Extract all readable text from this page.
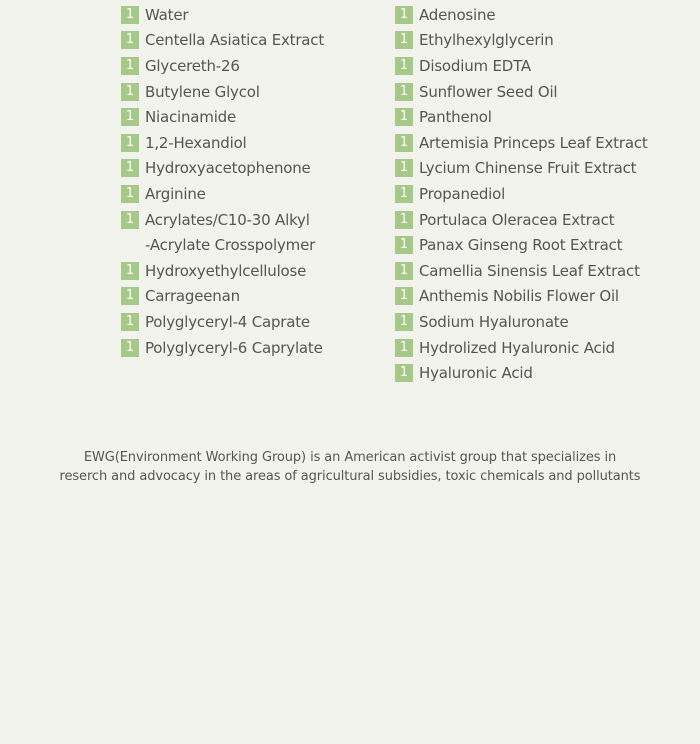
1 Water
1 Centella Asiatica Extract
1 Glycereth-26
1 Butylene Glycol
1 Niacinamide
1 1,2-Hexandiol
1 Hydroxyacetophenone
1 Arginine
1 Acrylates/C10-30 Alkyl
-Acrylate Crosspolymer
1 Hydroxyethylcellulose
1 Carrageenan
1 Polyglyceryl-4 Caprate
1 Polyglyceryl-6 Caprylate
1 Adenosine
1 Ethylhexylglycerin
1 Disodium EDTA
1 Sunflower Seed Oil
1 Panthenol
1 Artemisia Princeps Leaf Extract
1 Lycium Chinense Fruit Extract
1 Propanediol
1 Portulaca Oleracea Extract
1 Panax Ginseng Root Extract
1 Camellia Sinensis Leaf Extract
1 Anthemis Nobilis Flower Oil
1 Sodium Hyaluronate
1 Hydrolized Hyaluronic Acid
1 Hyaluronic Acid

EWG(Environment Working Group) is an American activist group that specializes in

reserch and advocacy in the areas of agricultural subsidies, toxic chemicals and pollutants
